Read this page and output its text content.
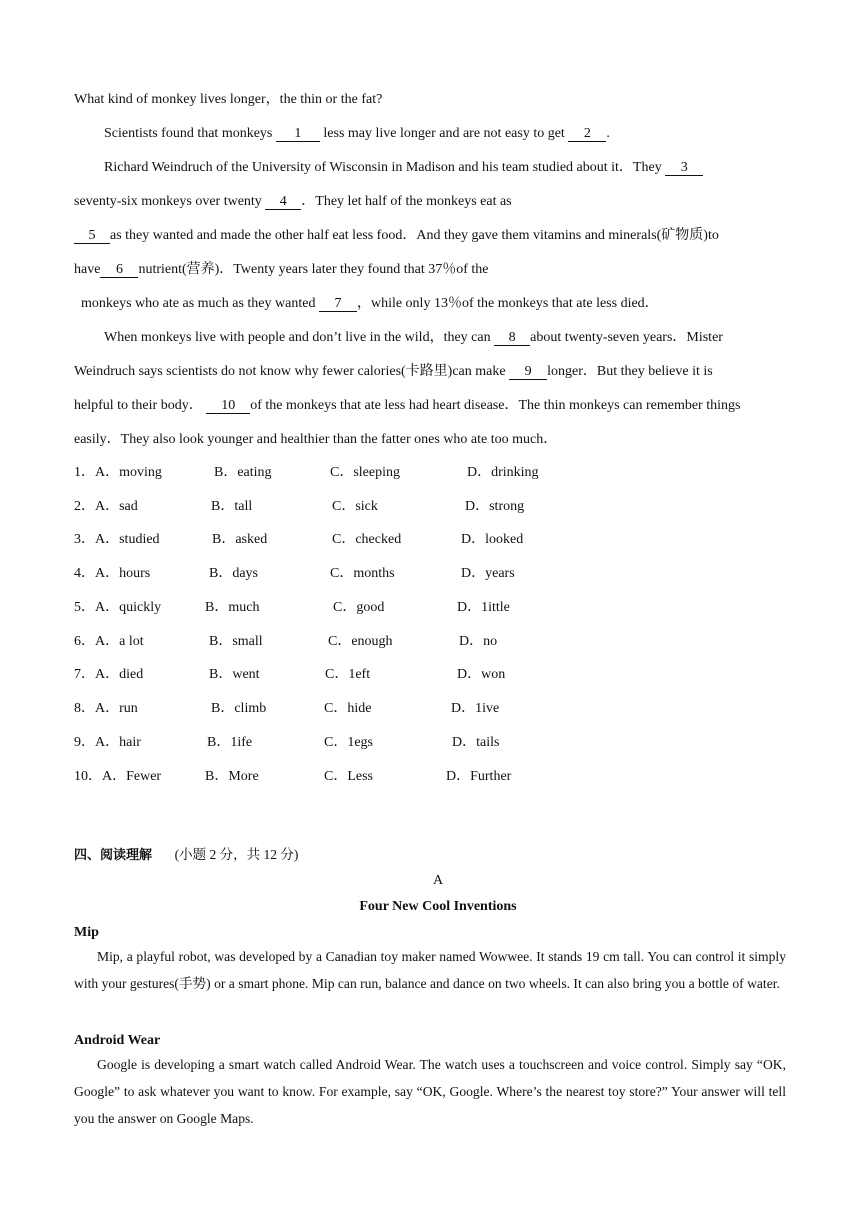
What kind of monkey lives longer，the thin or the fat?
Scientists found that monkeys 1 less may live longer and are not easy to get 2 .
Richard Weindruch of the University of Wisconsin in Madison and his team studied about it．They 3
seventy-six monkeys over twenty 4 ．They let half of the monkeys eat as
5 as they wanted and made the other half eat less food．And they gave them vitamins and minerals(矿物质)to
have 6 nutrient(营养)．Twenty years later they found that 37％of the
monkeys who ate as much as they wanted 7 ，while only 13％of the monkeys that ate less died．
When monkeys live with people and don’t live in the wild，they can 8 about twenty-seven years．Mister
Weindruch says scientists do not know why fewer calories(卡路里)can make 9 longer．But they believe it is
helpful to their body． 10 of the monkeys that ate less had heart disease．The thin monkeys can remember things
easily．They also look younger and healthier than the fatter ones who ate too much．
1．A．moving	B．eating	C．sleeping	D．drinking
2．A．sad	B．tall	C．sick	D．strong
3．A．studied	B．asked	C．checked	D．looked
4．A．hours	B．days	C．months	D．years
5．A．quickly	B．much	C．good	D．1ittle
6．A．a lot	B．small	C．enough	D．no
7．A．died	B．went	C．1eft	D．won
8．A．run	B．climb	C．hide	D．1ive
9．A．hair	B．1ife	C．1egs	D．tails
10．A．Fewer	B．More	C．Less	D．Further
四、阅读理解 (小题 2 分，共 12 分)
A
Four New Cool Inventions
Mip
Mip, a playful robot, was developed by a Canadian toy maker named Wowwee. It stands 19 cm tall. You can control it simply with your gestures(手势) or a smart phone. Mip can run, balance and dance on two wheels. It can also bring you a bottle of water.
Android Wear
Google is developing a smart watch called Android Wear. The watch uses a touchscreen and voice control. Simply say “OK, Google” to ask whatever you want to know. For example, say “OK, Google. Where’s the nearest toy store?” Your answer will tell you the answer on Google Maps.
